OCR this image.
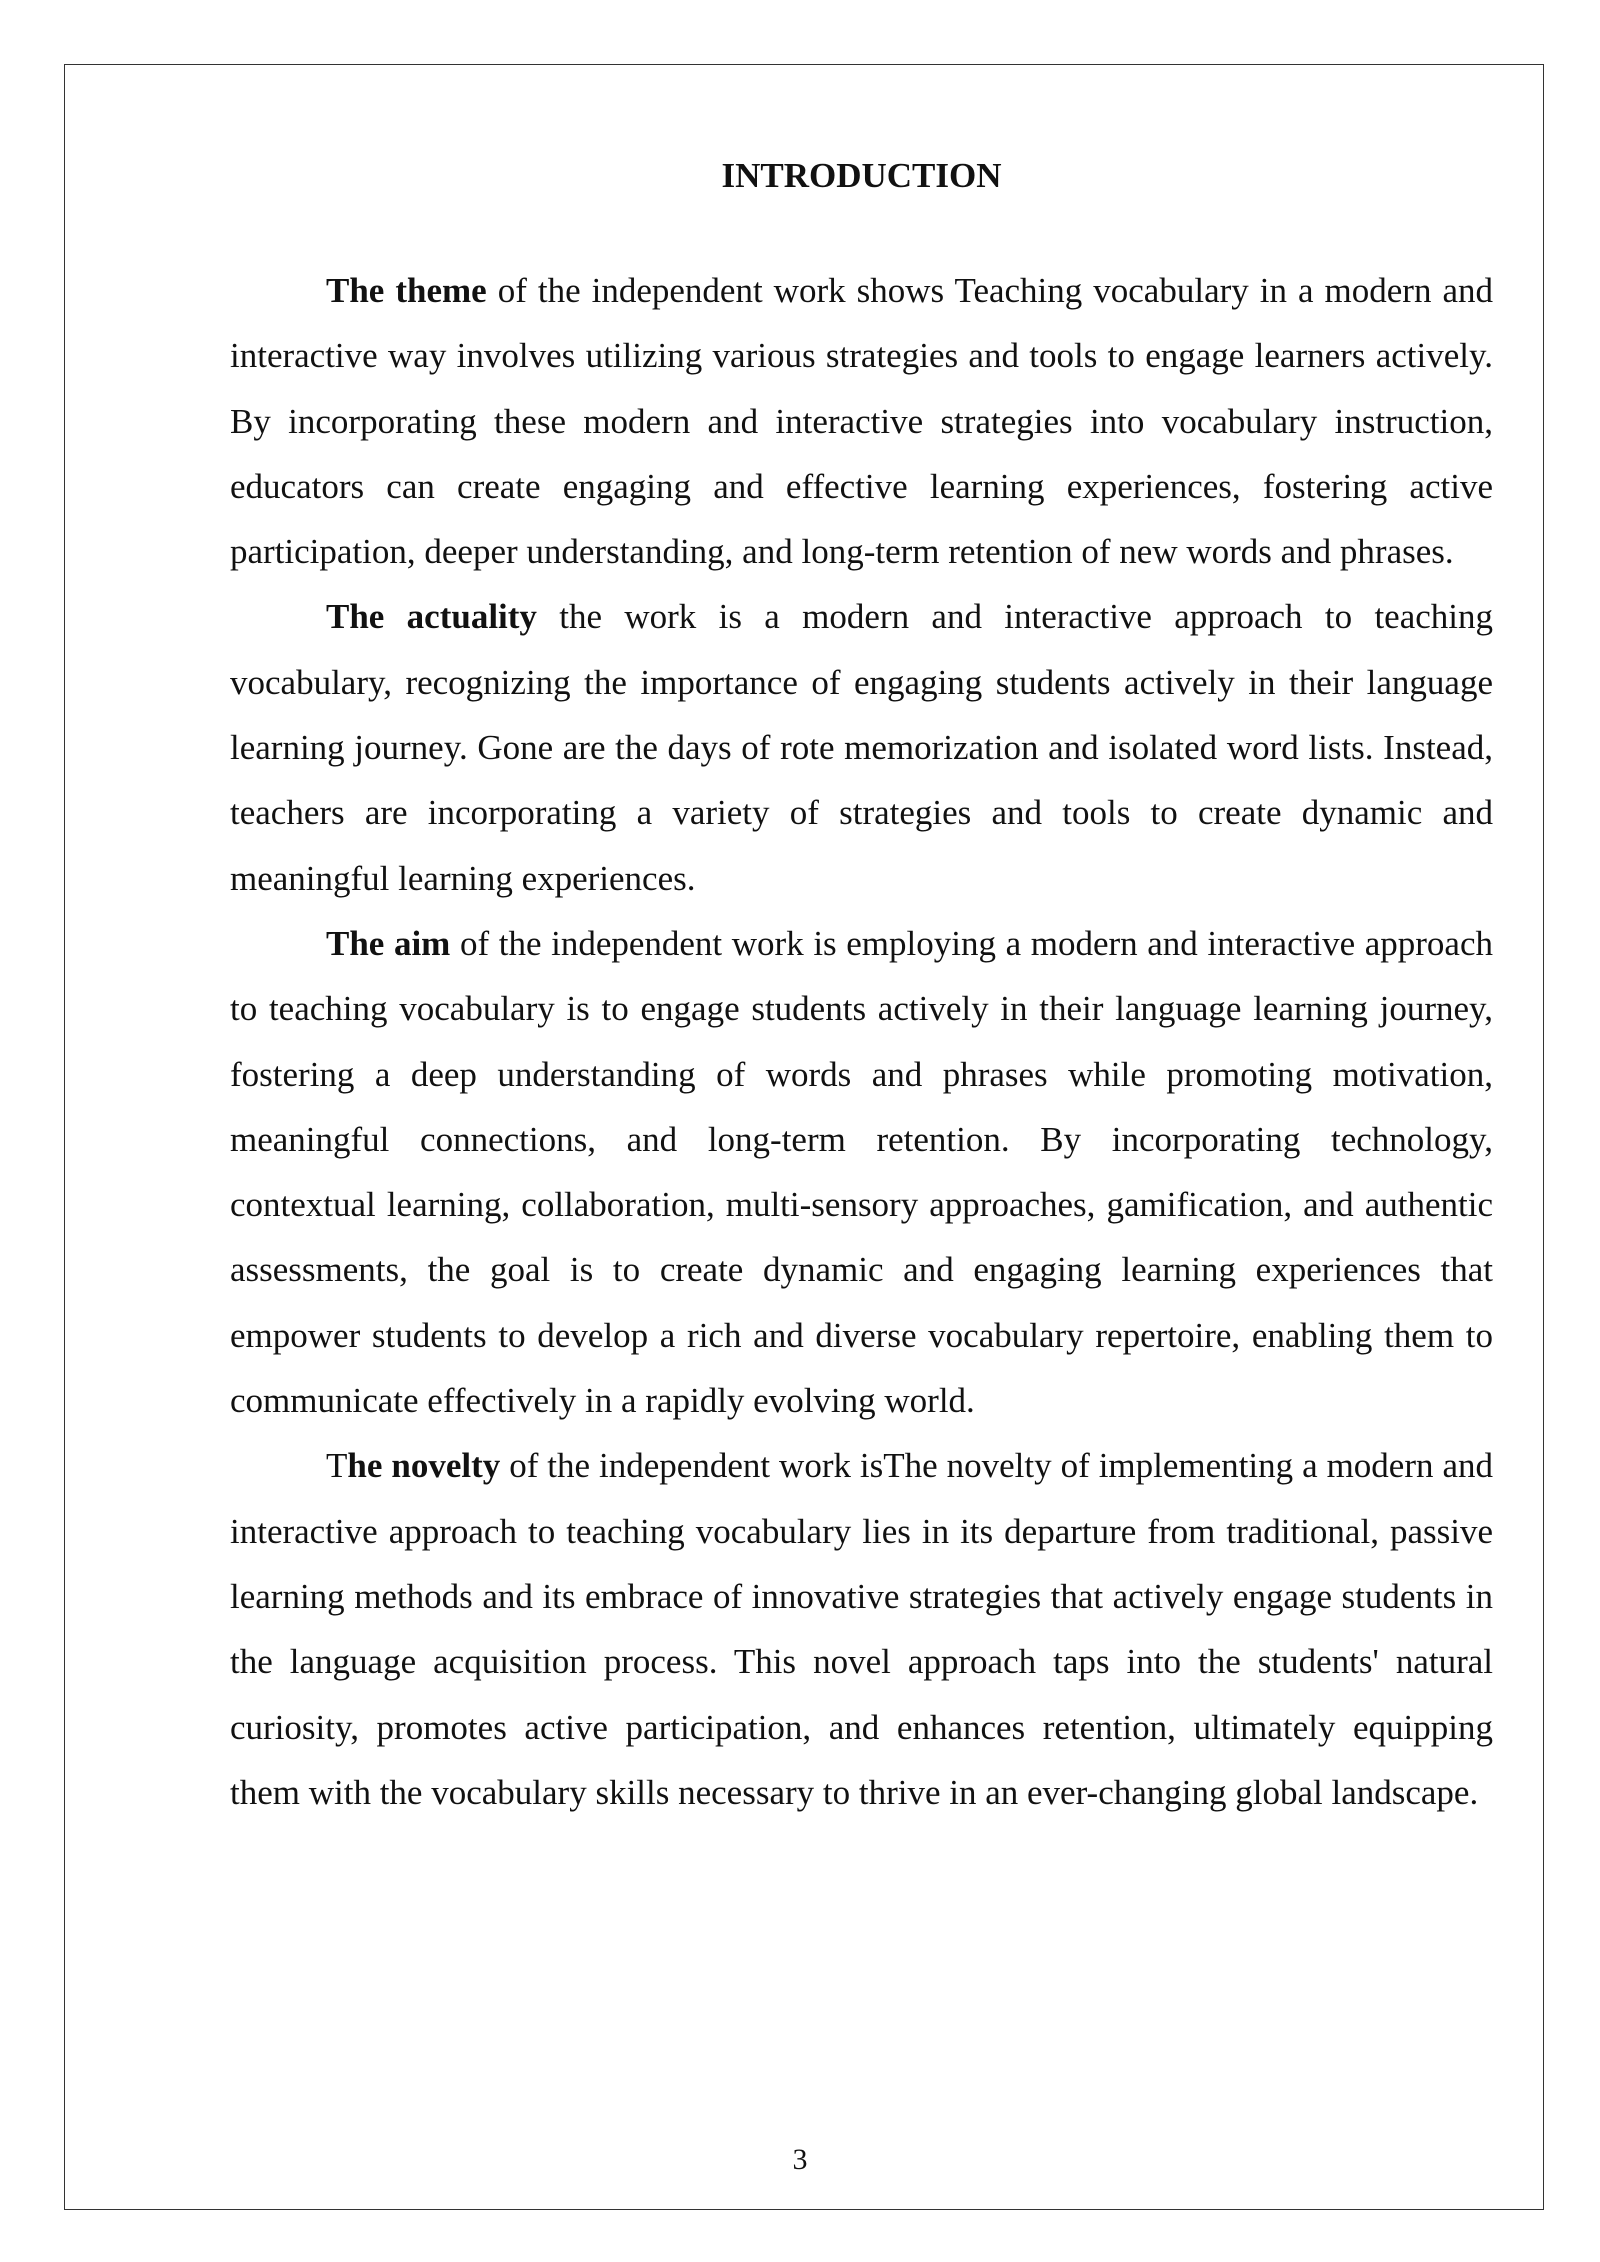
INTRODUCTION

The theme of the independent work shows Teaching vocabulary in a modern and interactive way involves utilizing various strategies and tools to engage learners actively. By incorporating these modern and interactive strategies into vocabulary instruction, educators can create engaging and effective learning experiences, fostering active participation, deeper understanding, and long-term retention of new words and phrases.

The actuality the work is a modern and interactive approach to teaching vocabulary, recognizing the importance of engaging students actively in their language learning journey. Gone are the days of rote memorization and isolated word lists. Instead, teachers are incorporating a variety of strategies and tools to create dynamic and meaningful learning experiences.

The aim of the independent work is employing a modern and interactive approach to teaching vocabulary is to engage students actively in their language learning journey, fostering a deep understanding of words and phrases while promoting motivation, meaningful connections, and long-term retention. By incorporating technology, contextual learning, collaboration, multi-sensory approaches, gamification, and authentic assessments, the goal is to create dynamic and engaging learning experiences that empower students to develop a rich and diverse vocabulary repertoire, enabling them to communicate effectively in a rapidly evolving world.

The novelty of the independent work isThe novelty of implementing a modern and interactive approach to teaching vocabulary lies in its departure from traditional, passive learning methods and its embrace of innovative strategies that actively engage students in the language acquisition process. This novel approach taps into the students' natural curiosity, promotes active participation, and enhances retention, ultimately equipping them with the vocabulary skills necessary to thrive in an ever-changing global landscape.

3
